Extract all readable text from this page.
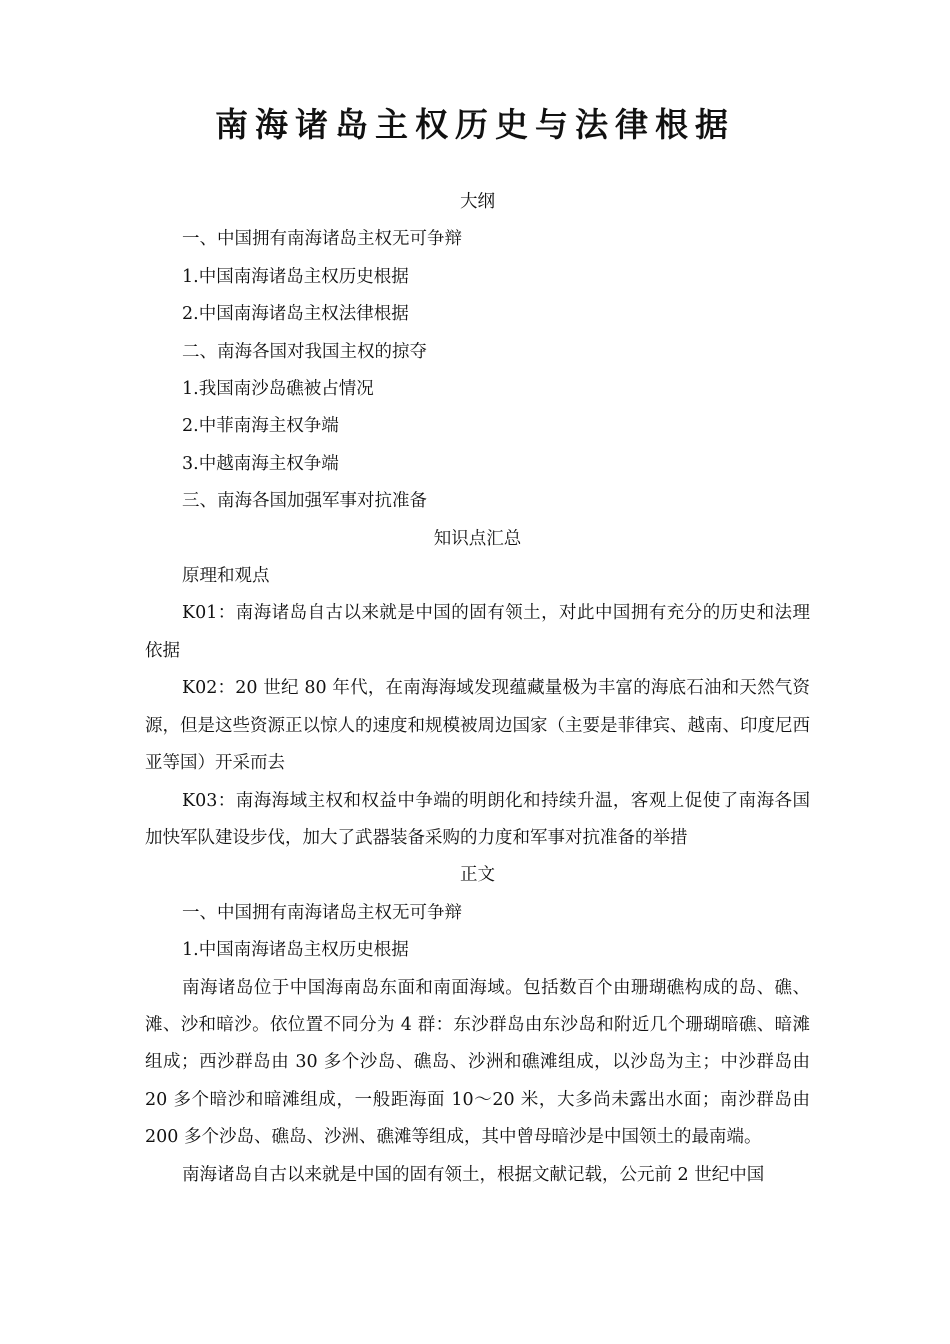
南海诸岛主权历史与法律根据

大纲

一、中国拥有南海诸岛主权无可争辩

1.中国南海诸岛主权历史根据

2.中国南海诸岛主权法律根据

二、南海各国对我国主权的掠夺

1.我国南沙岛礁被占情况

2.中菲南海主权争端

3.中越南海主权争端

三、南海各国加强军事对抗准备

知识点汇总

原理和观点

K01：南海诸岛自古以来就是中国的固有领土，对此中国拥有充分的历史和法理依据

K02：20 世纪 80 年代，在南海海域发现蕴藏量极为丰富的海底石油和天然气资源，但是这些资源正以惊人的速度和规模被周边国家（主要是菲律宾、越南、印度尼西亚等国）开采而去

K03：南海海域主权和权益中争端的明朗化和持续升温，客观上促使了南海各国加快军队建设步伐，加大了武器装备采购的力度和军事对抗准备的举措

正文

一、中国拥有南海诸岛主权无可争辩

1.中国南海诸岛主权历史根据

南海诸岛位于中国海南岛东面和南面海域。包括数百个由珊瑚礁构成的岛、礁、滩、沙和暗沙。依位置不同分为 4 群：东沙群岛由东沙岛和附近几个珊瑚暗礁、暗滩组成；西沙群岛由 30 多个沙岛、礁岛、沙洲和礁滩组成，以沙岛为主；中沙群岛由 20 多个暗沙和暗滩组成，一般距海面 10～20 米，大多尚未露出水面；南沙群岛由 200 多个沙岛、礁岛、沙洲、礁滩等组成，其中曾母暗沙是中国领土的最南端。

南海诸岛自古以来就是中国的固有领土，根据文献记载，公元前 2 世纪中国
